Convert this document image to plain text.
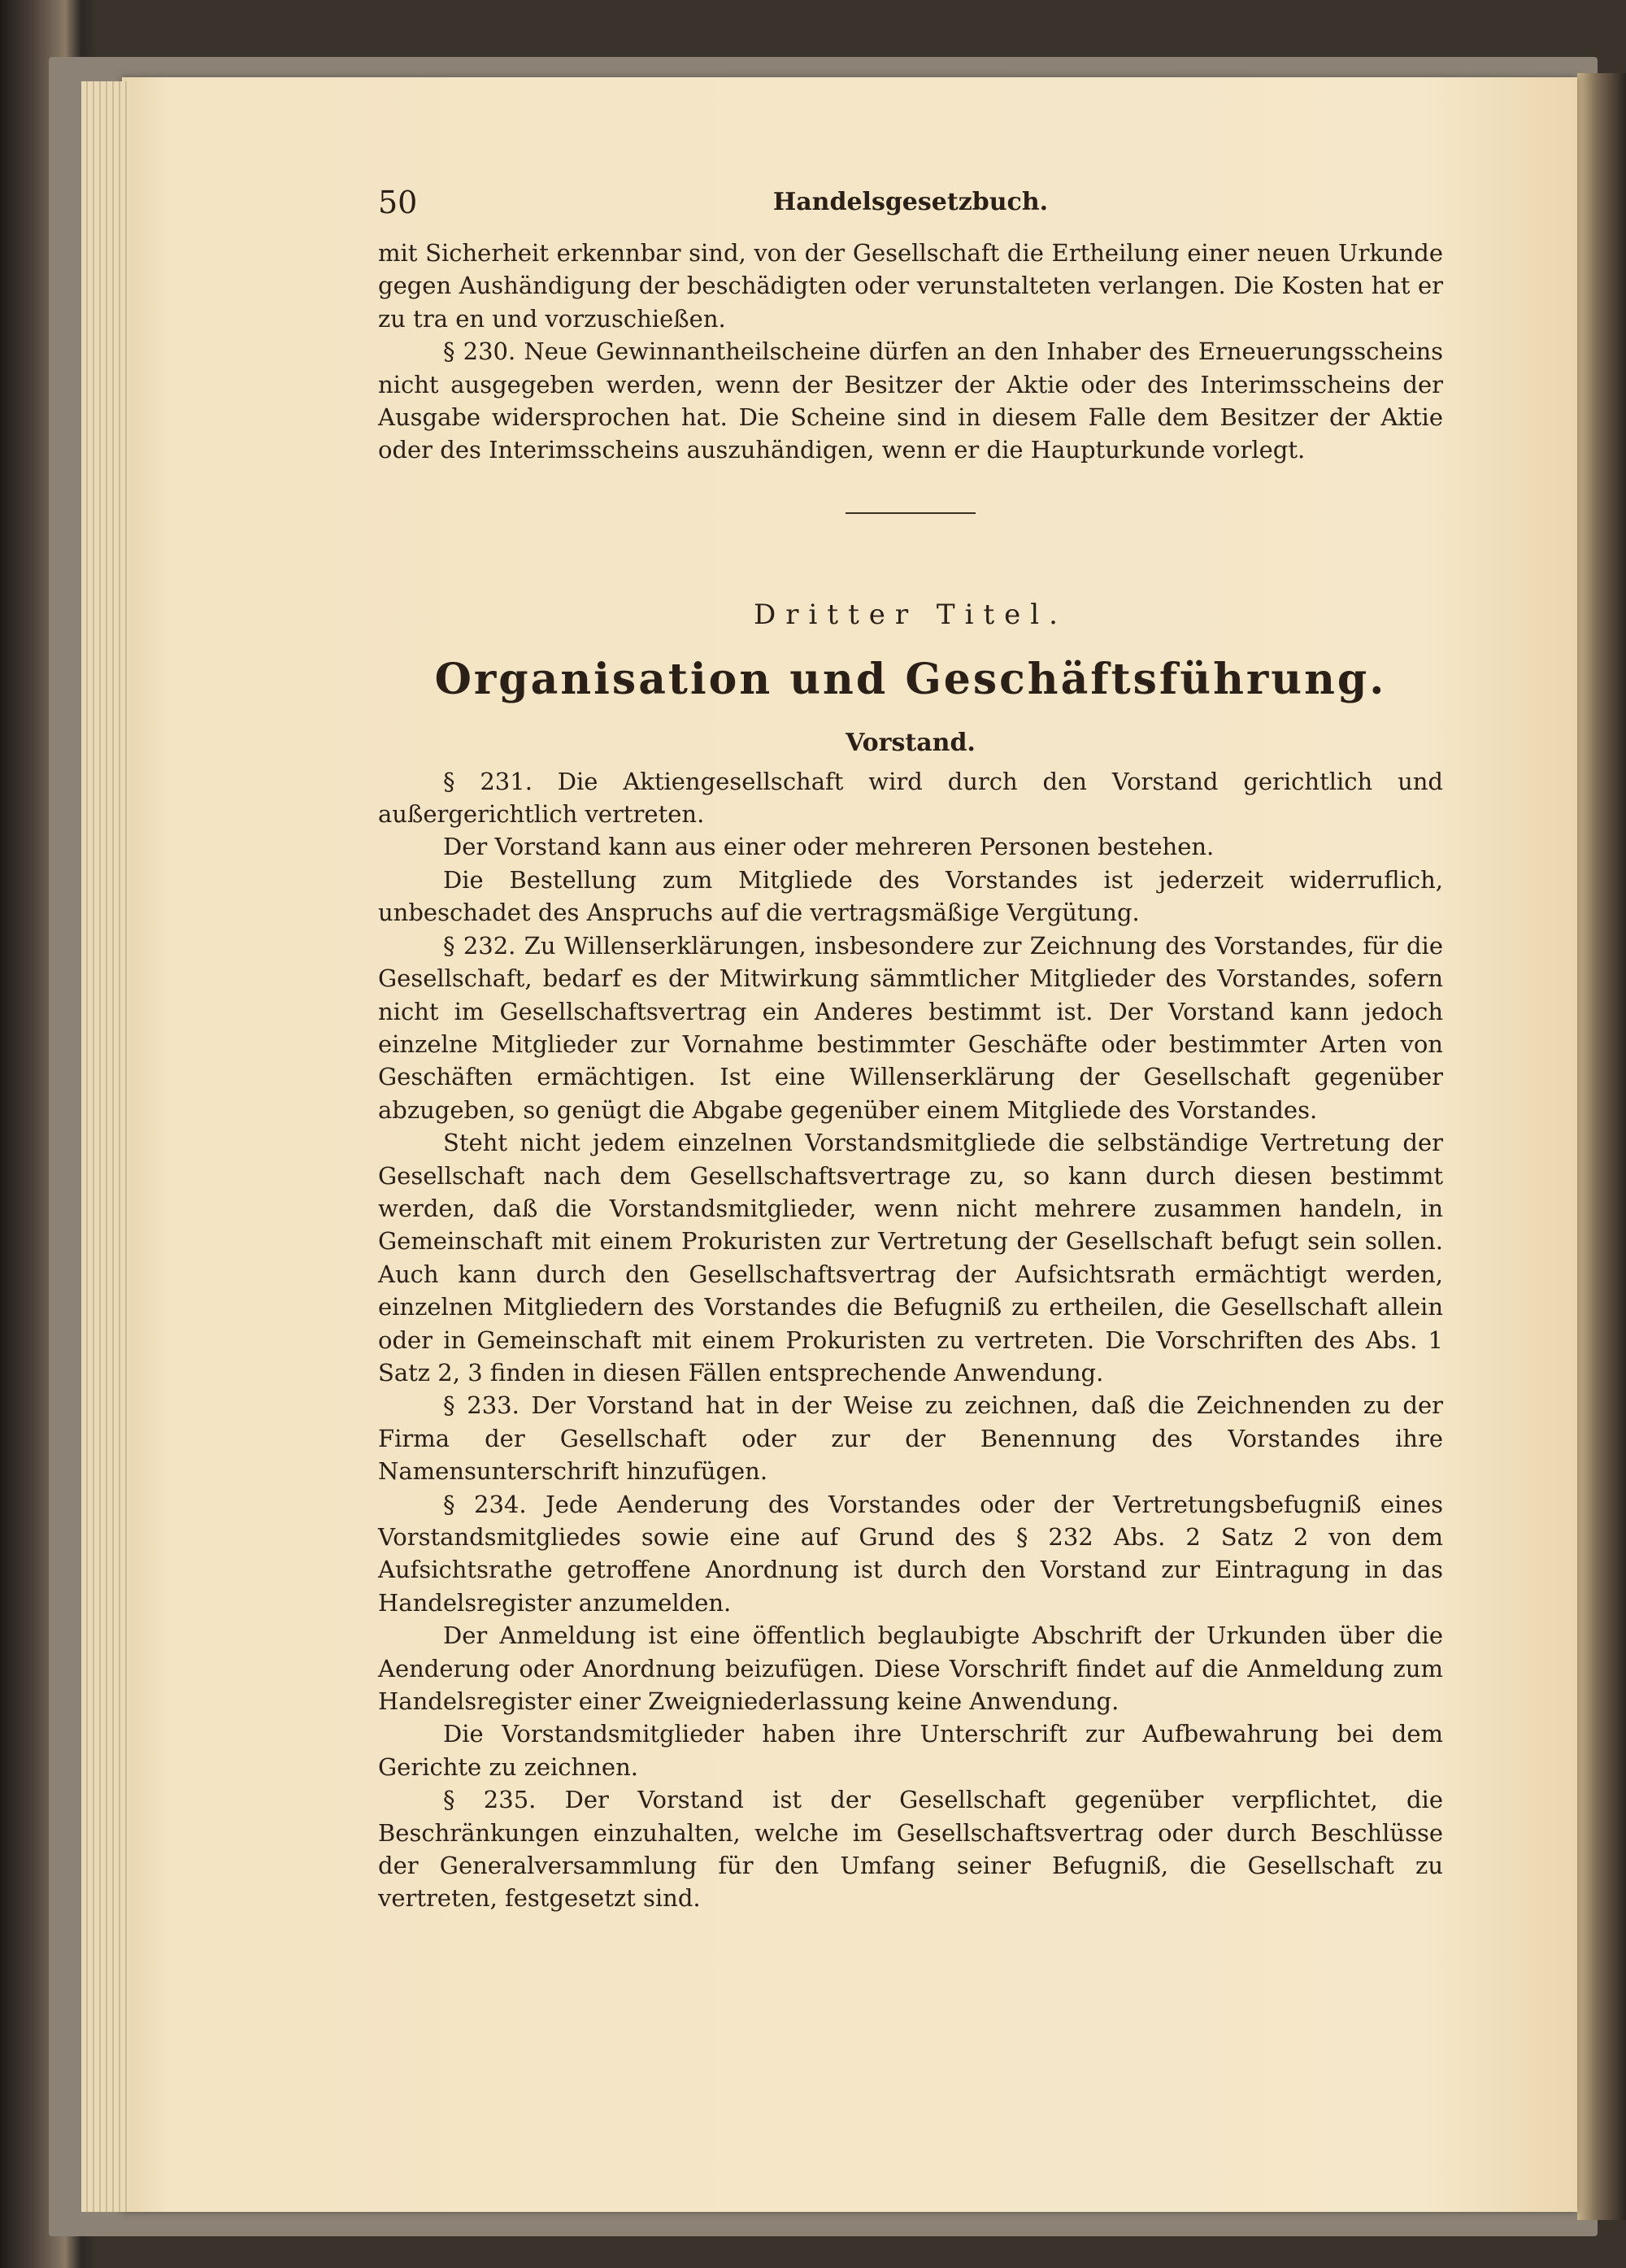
50	Handelsgesetzbuch.

mit Sicherheit erkennbar sind, von der Gesellschaft die Ertheilung einer neuen Urkunde gegen Aushändigung der beschädigten oder verunstalteten verlangen. Die Kosten hat er zu tra en und vorzuschießen.

§ 230. Neue Gewinnantheilscheine dürfen an den Inhaber des Erneuerungsscheins nicht ausgegeben werden, wenn der Besitzer der Aktie oder des Interimsscheins der Ausgabe widersprochen hat. Die Scheine sind in diesem Falle dem Besitzer der Aktie oder des Interimsscheins auszuhändigen, wenn er die Haupturkunde vorlegt.

Dritter Titel.
Organisation und Geschäftsführung.
Vorstand.

§ 231. Die Aktiengesellschaft wird durch den Vorstand gerichtlich und außergerichtlich vertreten.

Der Vorstand kann aus einer oder mehreren Personen bestehen.

Die Bestellung zum Mitgliede des Vorstandes ist jederzeit widerruflich, unbeschadet des Anspruchs auf die vertragsmäßige Vergütung.

§ 232. Zu Willenserklärungen, insbesondere zur Zeichnung des Vorstandes, für die Gesellschaft, bedarf es der Mitwirkung sämmtlicher Mitglieder des Vorstandes, sofern nicht im Gesellschaftsvertrag ein Anderes bestimmt ist. Der Vorstand kann jedoch einzelne Mitglieder zur Vornahme bestimmter Geschäfte oder bestimmter Arten von Geschäften ermächtigen. Ist eine Willenserklärung der Gesellschaft gegenüber abzugeben, so genügt die Abgabe gegenüber einem Mitgliede des Vorstandes.

Steht nicht jedem einzelnen Vorstandsmitgliede die selbständige Vertretung der Gesellschaft nach dem Gesellschaftsvertrage zu, so kann durch diesen bestimmt werden, daß die Vorstandsmitglieder, wenn nicht mehrere zusammen handeln, in Gemeinschaft mit einem Prokuristen zur Vertretung der Gesellschaft befugt sein sollen. Auch kann durch den Gesellschaftsvertrag der Aufsichtsrath ermächtigt werden, einzelnen Mitgliedern des Vorstandes die Befugniß zu ertheilen, die Gesellschaft allein oder in Gemeinschaft mit einem Prokuristen zu vertreten. Die Vorschriften des Abs. 1 Satz 2, 3 finden in diesen Fällen entsprechende Anwendung.

§ 233. Der Vorstand hat in der Weise zu zeichnen, daß die Zeichnenden zu der Firma der Gesellschaft oder zur der Benennung des Vorstandes ihre Namensunterschrift hinzufügen.

§ 234. Jede Aenderung des Vorstandes oder der Vertretungsbefugniß eines Vorstandsmitgliedes sowie eine auf Grund des § 232 Abs. 2 Satz 2 von dem Aufsichtsrathe getroffene Anordnung ist durch den Vorstand zur Eintragung in das Handelsregister anzumelden.

Der Anmeldung ist eine öffentlich beglaubigte Abschrift der Urkunden über die Aenderung oder Anordnung beizufügen. Diese Vorschrift findet auf die Anmeldung zum Handelsregister einer Zweigniederlassung keine Anwendung.

Die Vorstandsmitglieder haben ihre Unterschrift zur Aufbewahrung bei dem Gerichte zu zeichnen.

§ 235. Der Vorstand ist der Gesellschaft gegenüber verpflichtet, die Beschränkungen einzuhalten, welche im Gesellschaftsvertrag oder durch Beschlüsse der Generalversammlung für den Umfang seiner Befugniß, die Gesellschaft zu vertreten, festgesetzt sind.
